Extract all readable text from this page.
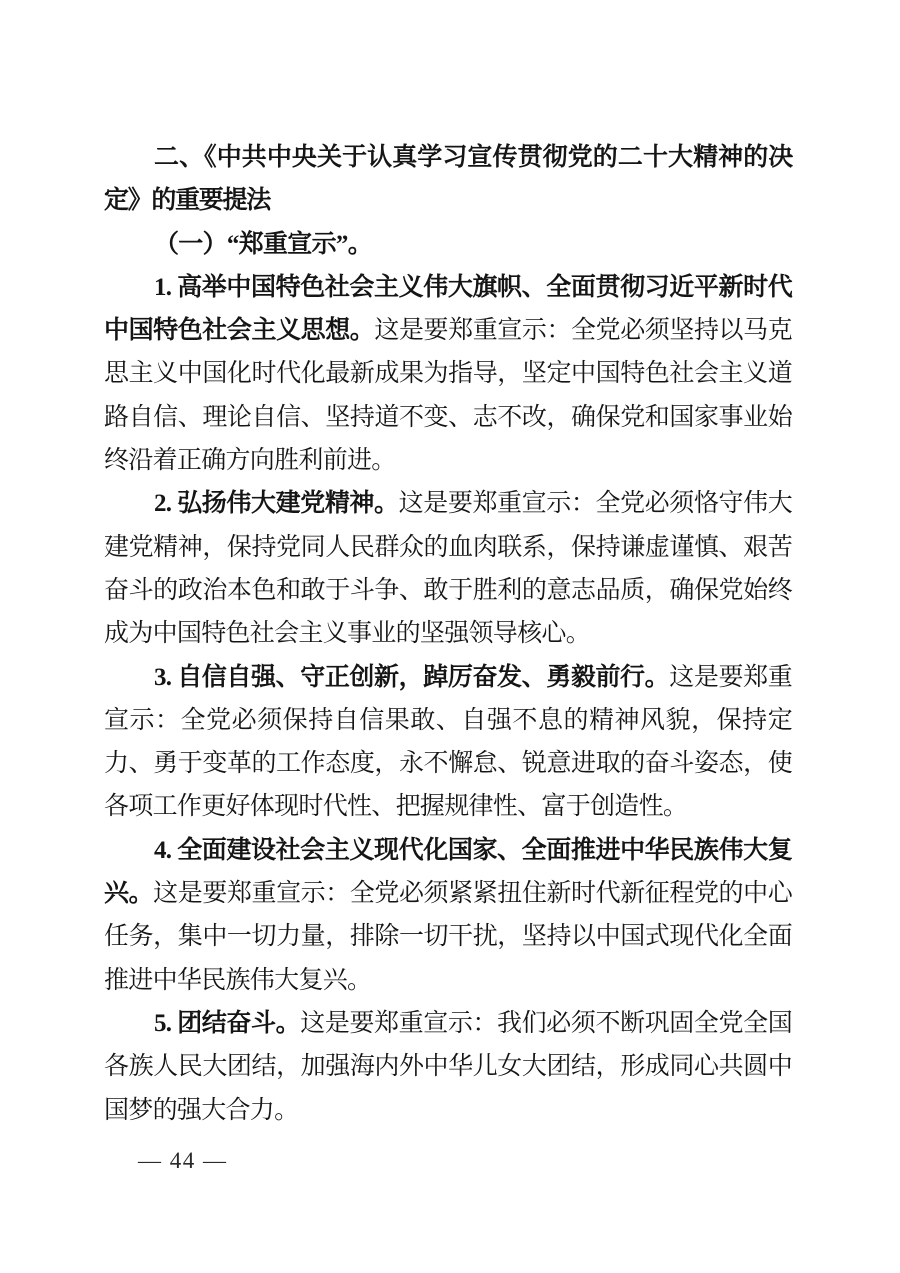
二、《中共中央关于认真学习宣传贯彻党的二十大精神的决定》的重要提法

（一）“郑重宣示”。

1. 高举中国特色社会主义伟大旗帜、全面贯彻习近平新时代中国特色社会主义思想。这是要郑重宣示：全党必须坚持以马克思主义中国化时代化最新成果为指导，坚定中国特色社会主义道路自信、理论自信、坚持道不变、志不改，确保党和国家事业始终沿着正确方向胜利前进。

2. 弘扬伟大建党精神。这是要郑重宣示：全党必须恪守伟大建党精神，保持党同人民群众的血肉联系，保持谦虚谨慎、艰苦奋斗的政治本色和敢于斗争、敢于胜利的意志品质，确保党始终成为中国特色社会主义事业的坚强领导核心。

3. 自信自强、守正创新，踔厉奋发、勇毅前行。这是要郑重宣示：全党必须保持自信果敢、自强不息的精神风貌，保持定力、勇于变革的工作态度，永不懈怠、锐意进取的奋斗姿态，使各项工作更好体现时代性、把握规律性、富于创造性。

4. 全面建设社会主义现代化国家、全面推进中华民族伟大复兴。这是要郑重宣示：全党必须紧紧扭住新时代新征程党的中心任务，集中一切力量，排除一切干扰，坚持以中国式现代化全面推进中华民族伟大复兴。

5. 团结奋斗。这是要郑重宣示：我们必须不断巩固全党全国各族人民大团结，加强海内外中华儿女大团结，形成同心共圆中国梦的强大合力。

— 44 —
